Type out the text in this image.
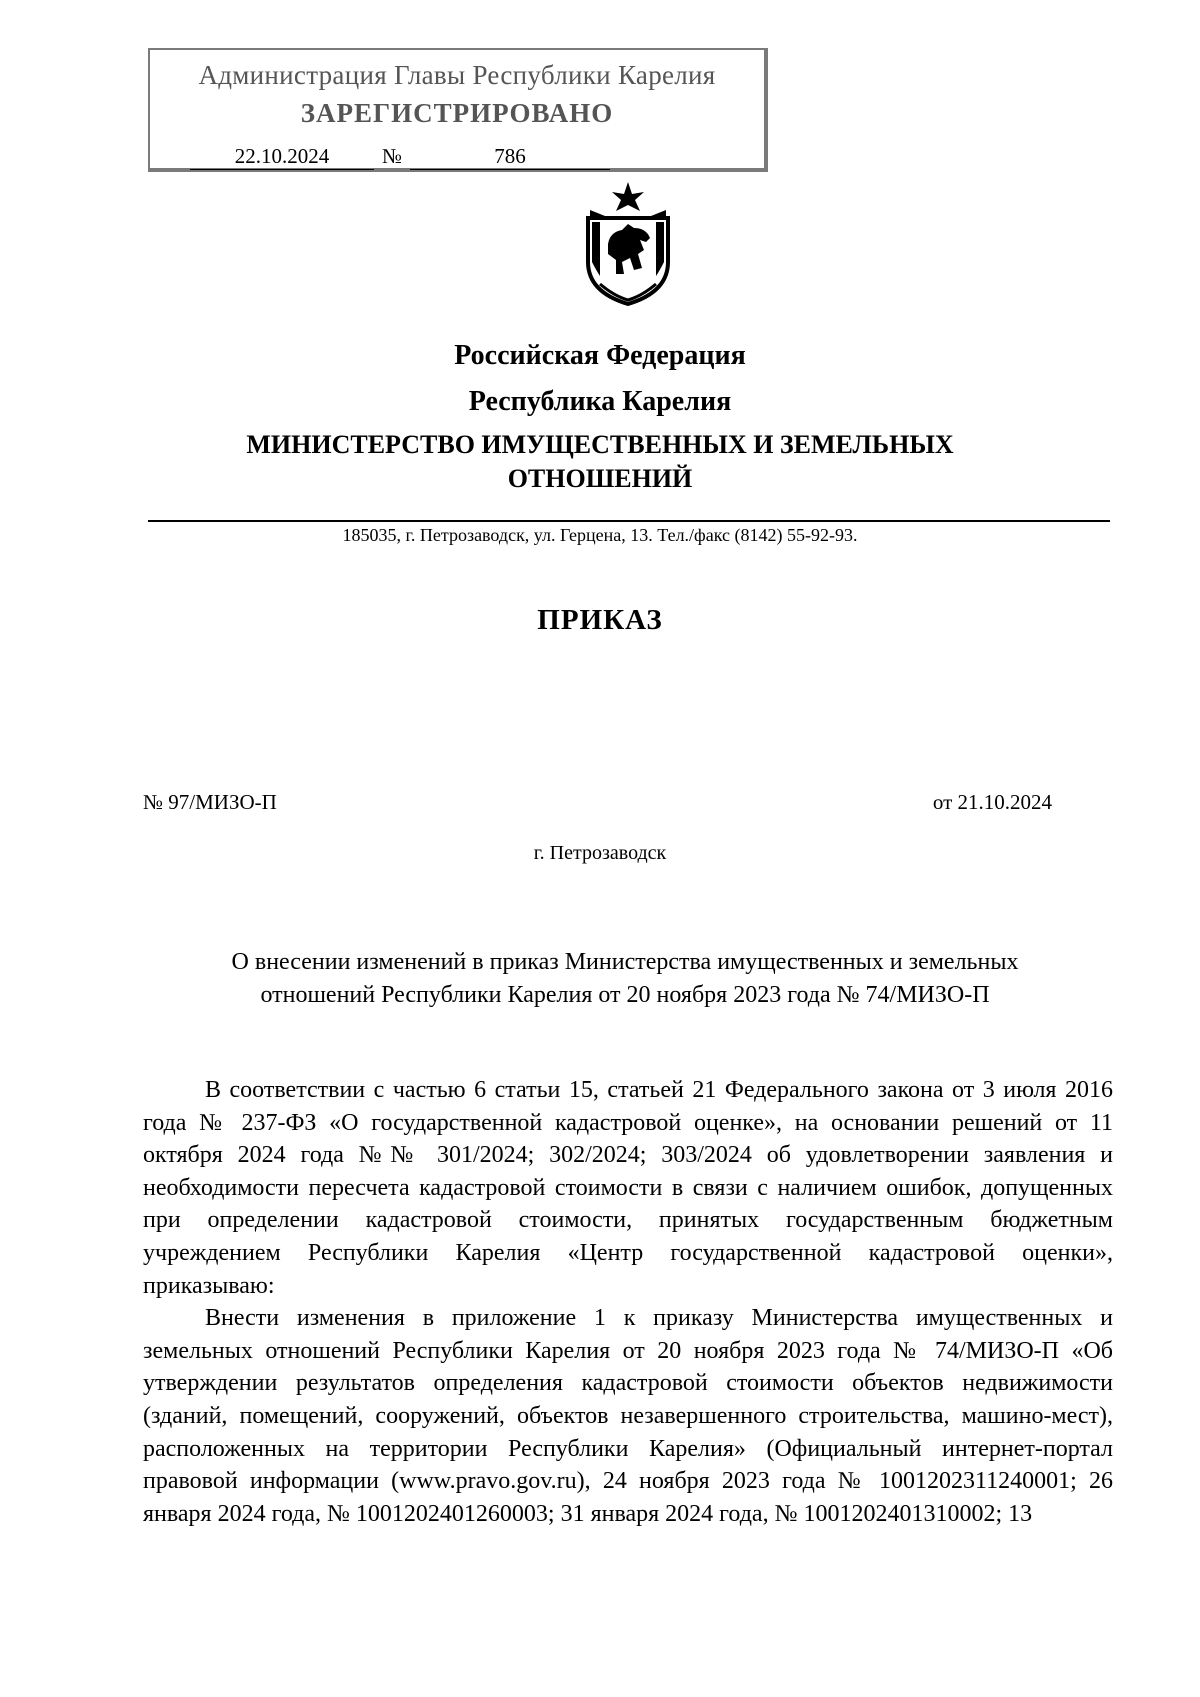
Администрация Главы Республики Карелия
ЗАРЕГИСТРИРОВАНО
22.10.2024	№	786
Российская Федерация
Республика Карелия
МИНИСТЕРСТВО ИМУЩЕСТВЕННЫХ И ЗЕМЕЛЬНЫХ
ОТНОШЕНИЙ
185035, г. Петрозаводск, ул. Герцена, 13. Тел./факс (8142) 55-92-93.
ПРИКАЗ
№ 97/МИЗО-П	от 21.10.2024
г. Петрозаводск
О внесении изменений в приказ Министерства имущественных и земельных
отношений Республики Карелия от 20 ноября 2023 года № 74/МИЗО-П

В соответствии с частью 6 статьи 15, статьей 21 Федерального закона от 3 июля 2016 года № 237-ФЗ «О государственной кадастровой оценке», на основании решений от 11 октября 2024 года №№ 301/2024; 302/2024; 303/2024 об удовлетворении заявления и необходимости пересчета кадастровой стоимости в связи с наличием ошибок, допущенных при определении кадастровой стоимости, принятых государственным бюджетным учреждением Республики Карелия «Центр государственной кадастровой оценки», приказываю:

Внести изменения в приложение 1 к приказу Министерства имущественных и земельных отношений Республики Карелия от 20 ноября 2023 года № 74/МИЗО-П «Об утверждении результатов определения кадастровой стоимости объектов недвижимости (зданий, помещений, сооружений, объектов незавершенного строительства, машино-мест), расположенных на территории Республики Карелия» (Официальный интернет-портал правовой информации (www.pravo.gov.ru), 24 ноября 2023 года № 1001202311240001; 26 января 2024 года, № 1001202401260003; 31 января 2024 года, № 1001202401310002; 13
